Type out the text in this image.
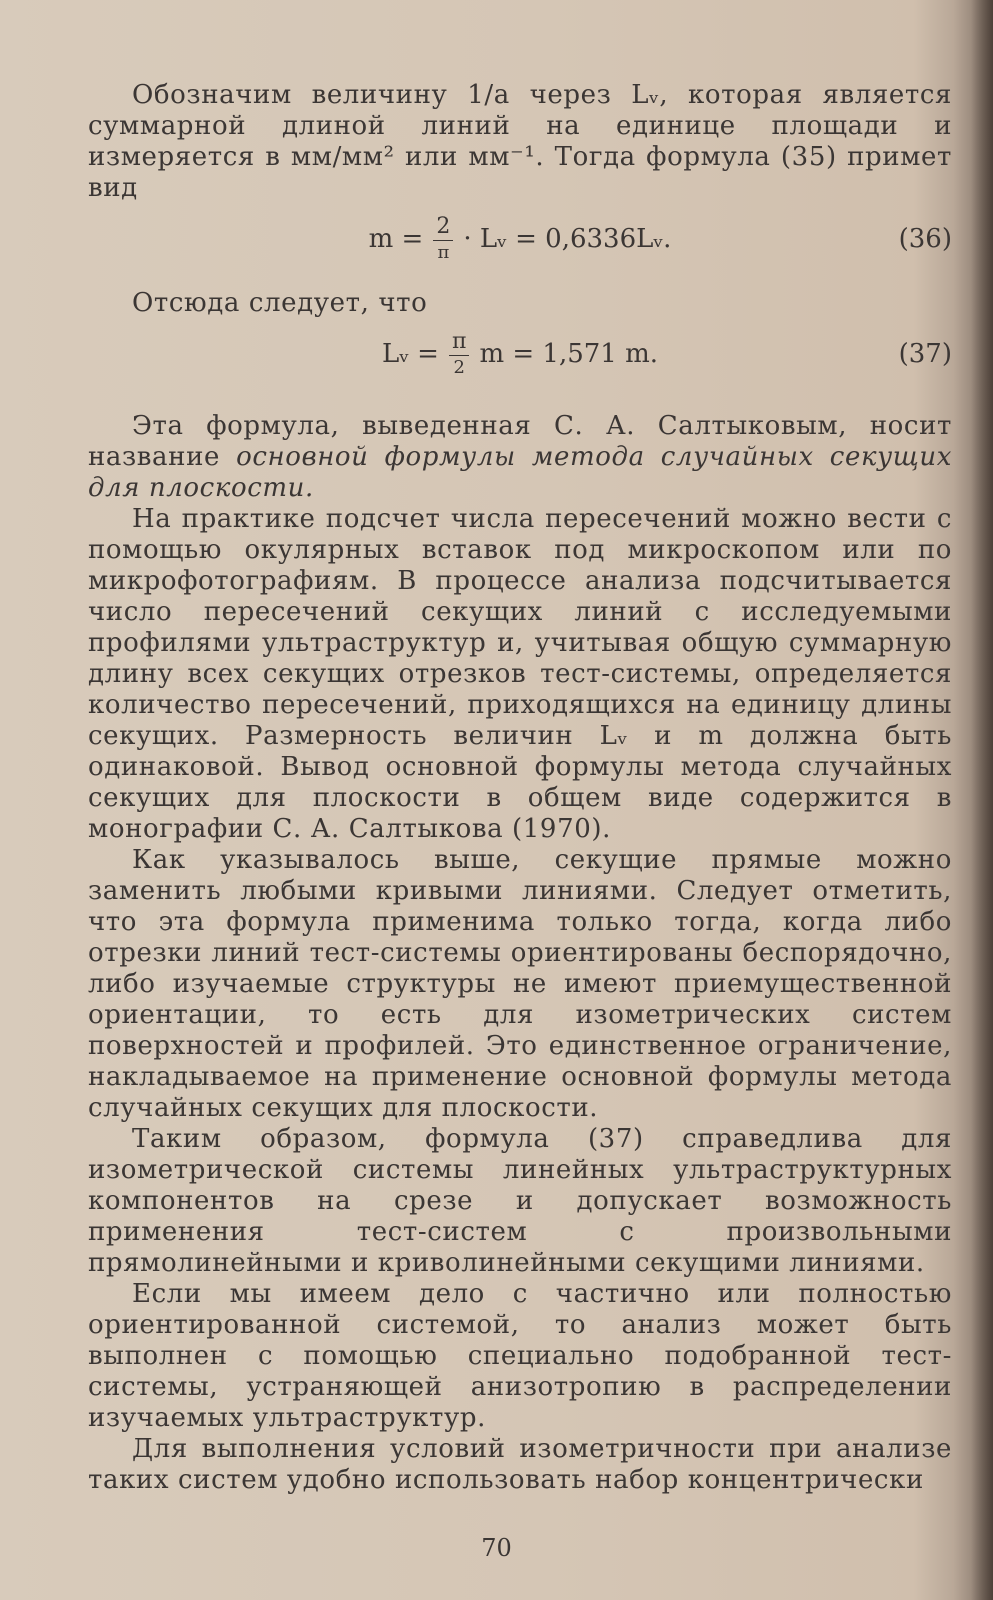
Обозначим величину 1/a через Lᵥ, которая является суммарной длиной линий на единице площади и измеряется в мм/мм² или мм⁻¹. Тогда формула (35) примет вид

$m = \frac{2}{\pi}$ · Lᵥ = 0,6336Lᵥ.	(36)

Отсюда следует, что

Lᵥ = $\frac{\pi}{2}$ m = 1,571 m.	(37)

Эта формула, выведенная С. А. Салтыковым, носит название основной формулы метода случайных секущих для плоскости.

На практике подсчет числа пересечений можно вести с помощью окулярных вставок под микроскопом или по микрофотографиям. В процессе анализа подсчитывается число пересечений секущих линий с исследуемыми профилями ультраструктур и, учитывая общую суммарную длину всех секущих отрезков тест-системы, определяется количество пересечений, приходящихся на единицу длины секущих. Размерность величин Lᵥ и m должна быть одинаковой. Вывод основной формулы метода случайных секущих для плоскости в общем виде содержится в монографии С. А. Салтыкова (1970).

Как указывалось выше, секущие прямые можно заменить любыми кривыми линиями. Следует отметить, что эта формула применима только тогда, когда либо отрезки линий тест-системы ориентированы беспорядочно, либо изучаемые структуры не имеют приемущественной ориентации, то есть для изометрических систем поверхностей и профилей. Это единственное ограничение, накладываемое на применение основной формулы метода случайных секущих для плоскости.

Таким образом, формула (37) справедлива для изометрической системы линейных ультраструктурных компонентов на срезе и допускает возможность применения тест-систем с произвольными прямолинейными и криволинейными секущими линиями.

Если мы имеем дело с частично или полностью ориентированной системой, то анализ может быть выполнен с помощью специально подобранной тест-системы, устраняющей анизотропию в распределении изучаемых ультраструктур.

Для выполнения условий изометричности при анализе таких систем удобно использовать набор концентрически

70
